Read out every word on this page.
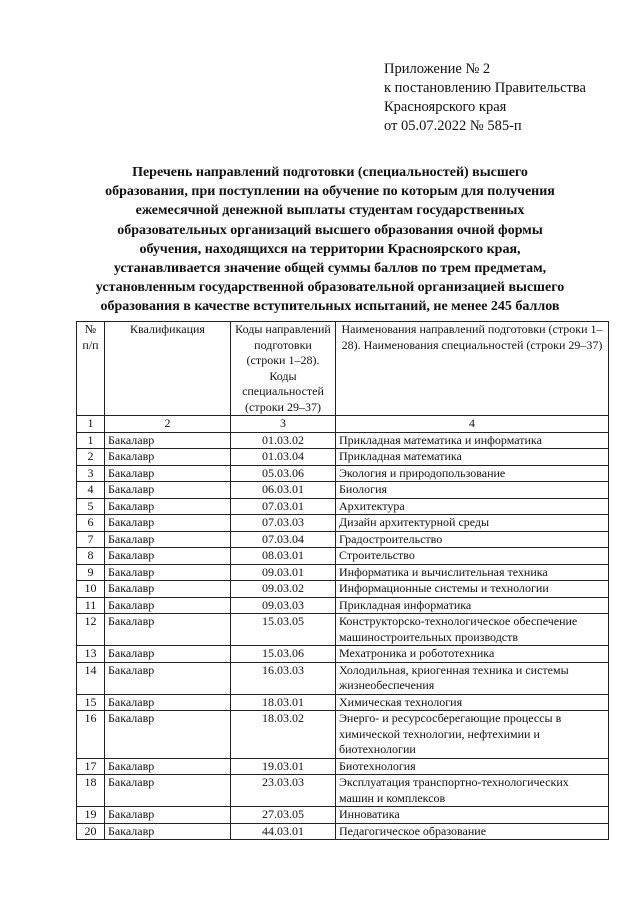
Приложение № 2
к постановлению Правительства
Красноярского края
от 05.07.2022 № 585-п
Перечень направлений подготовки (специальностей) высшего
образования, при поступлении на обучение по которым для получения
ежемесячной денежной выплаты студентам государственных
образовательных организаций высшего образования очной формы
обучения, находящихся на территории Красноярского края,
устанавливается значение общей суммы баллов по трем предметам,
установленным государственной образовательной организацией высшего
образования в качестве вступительных испытаний, не менее 245 баллов
№ п/п	Квалификация	Коды направлений подготовки (строки 1–28). Коды специальностей (строки 29–37)	Наименования направлений подготовки (строки 1–28). Наименования специальностей (строки 29–37)
1	2	3	4
1	Бакалавр	01.03.02	Прикладная математика и информатика
2	Бакалавр	01.03.04	Прикладная математика
3	Бакалавр	05.03.06	Экология и природопользование
4	Бакалавр	06.03.01	Биология
5	Бакалавр	07.03.01	Архитектура
6	Бакалавр	07.03.03	Дизайн архитектурной среды
7	Бакалавр	07.03.04	Градостроительство
8	Бакалавр	08.03.01	Строительство
9	Бакалавр	09.03.01	Информатика и вычислительная техника
10	Бакалавр	09.03.02	Информационные системы и технологии
11	Бакалавр	09.03.03	Прикладная информатика
12	Бакалавр	15.03.05	Конструкторско-технологическое обеспечение машиностроительных производств
13	Бакалавр	15.03.06	Мехатроника и робототехника
14	Бакалавр	16.03.03	Холодильная, криогенная техника и системы жизнеобеспечения
15	Бакалавр	18.03.01	Химическая технология
16	Бакалавр	18.03.02	Энерго- и ресурсосберегающие процессы в химической технологии, нефтехимии и биотехнологии
17	Бакалавр	19.03.01	Биотехнология
18	Бакалавр	23.03.03	Эксплуатация транспортно-технологических машин и комплексов
19	Бакалавр	27.03.05	Инноватика
20	Бакалавр	44.03.01	Педагогическое образование
